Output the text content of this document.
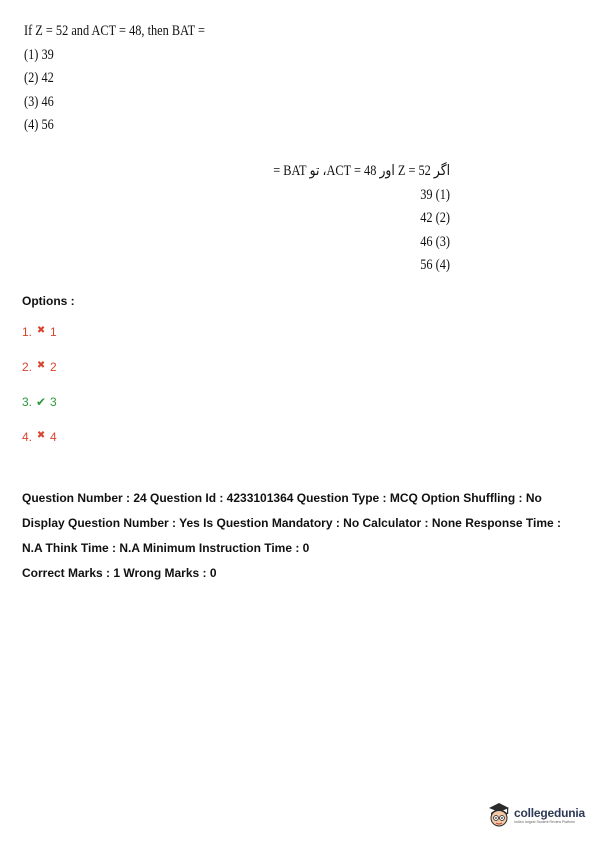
If Z = 52 and ACT = 48, then BAT =
(1) 39
(2) 42
(3) 46
(4) 56
اگر Z = 52 اور ACT = 48، تو BAT =
39 (1)
42 (2)
46 (3)
56 (4)
Options :
1. ✖ 1
2. ✖ 2
3. ✔ 3
4. ✖ 4

Question Number : 24 Question Id : 4233101364 Question Type : MCQ Option Shuffling : No Display Question Number : Yes Is Question Mandatory : No Calculator : None Response Time : N.A Think Time : N.A Minimum Instruction Time : 0

Correct Marks : 1 Wrong Marks : 0

collegedunia
India's largest Student Review Platform
